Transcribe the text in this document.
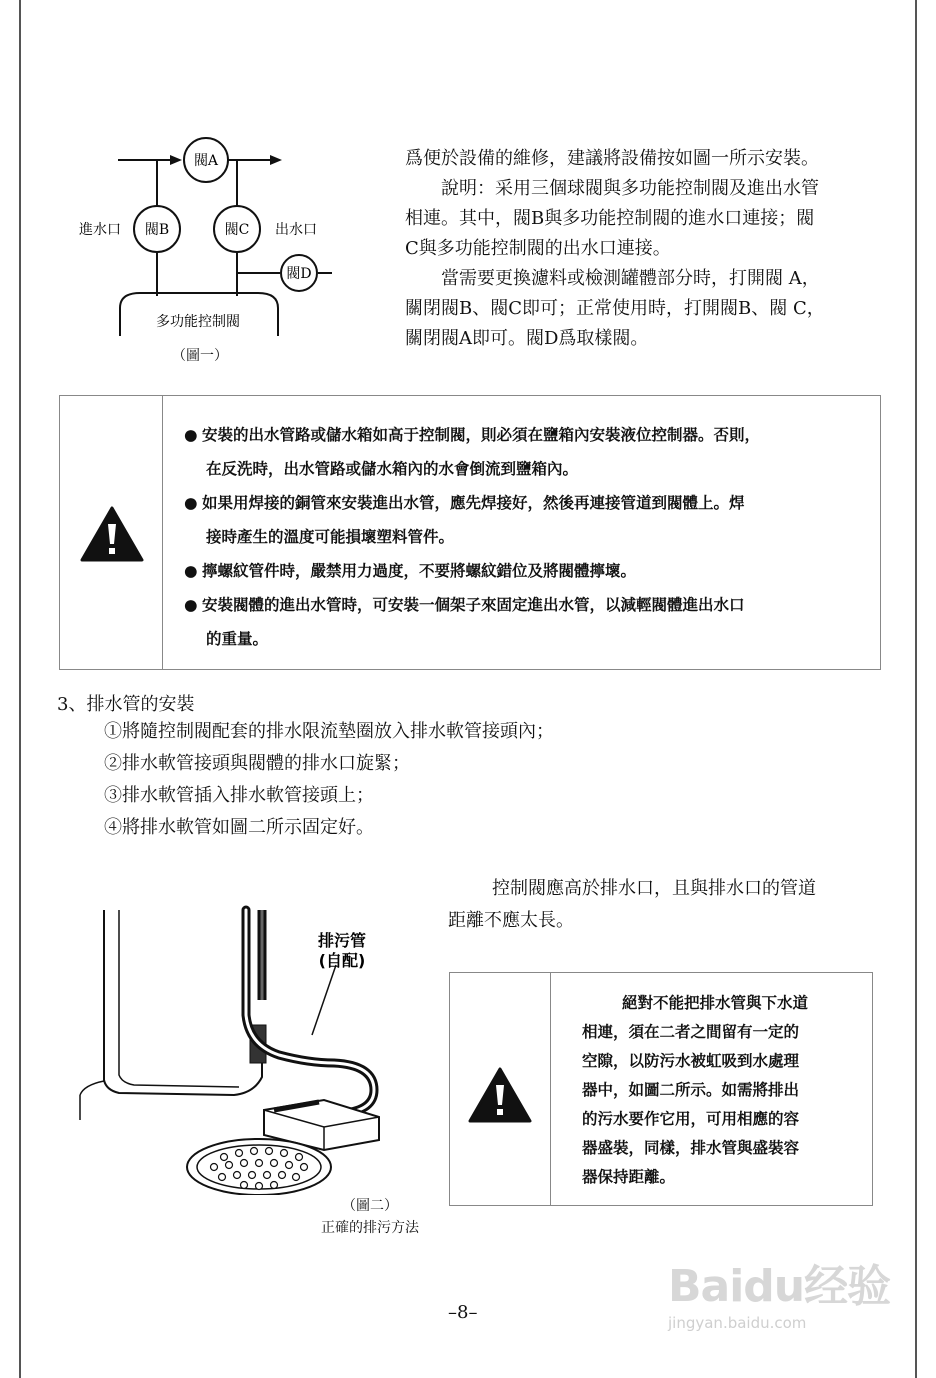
閥A
閥B	閥C
閥D
進水口	出水口
多功能控制閥
（圖一）
爲便於設備的維修，建議將設備按如圖一所示安裝。
　　說明：采用三個球閥與多功能控制閥及進出水管
相連。其中，閥B與多功能控制閥的進水口連接；閥
C與多功能控制閥的出水口連接。
　　當需要更換濾料或檢測罐體部分時，打開閥 A，
關閉閥B、閥C即可；正常使用時，打開閥B、閥 C，
關閉閥A即可。閥D爲取樣閥。
● 安裝的出水管路或儲水箱如高于控制閥，則必須在鹽箱內安裝液位控制器。否則，
在反洗時，出水管路或儲水箱內的水會倒流到鹽箱內。
● 如果用焊接的銅管來安裝進出水管，應先焊接好，然後再連接管道到閥體上。焊
接時產生的溫度可能損壞塑料管件。
● 擰螺紋管件時，嚴禁用力過度，不要將螺紋錯位及將閥體擰壞。
● 安裝閥體的進出水管時，可安裝一個架子來固定進出水管，以減輕閥體進出水口
的重量。
3、排水管的安裝
①將隨控制閥配套的排水限流墊圈放入排水軟管接頭內；
②排水軟管接頭與閥體的排水口旋緊；
③排水軟管插入排水軟管接頭上；
④將排水軟管如圖二所示固定好。
控制閥應高於排水口，且與排水口的管道
距離不應太長。
絕對不能把排水管與下水道
相連，須在二者之間留有一定的
空隙，以防污水被虹吸到水處理
器中，如圖二所示。如需將排出
的污水要作它用，可用相應的容
器盛裝，同樣，排水管與盛裝容
器保持距離。
排污管
(自配)
（圖二）
正確的排污方法
–8–
Baidu经验
jingyan.baidu.com
